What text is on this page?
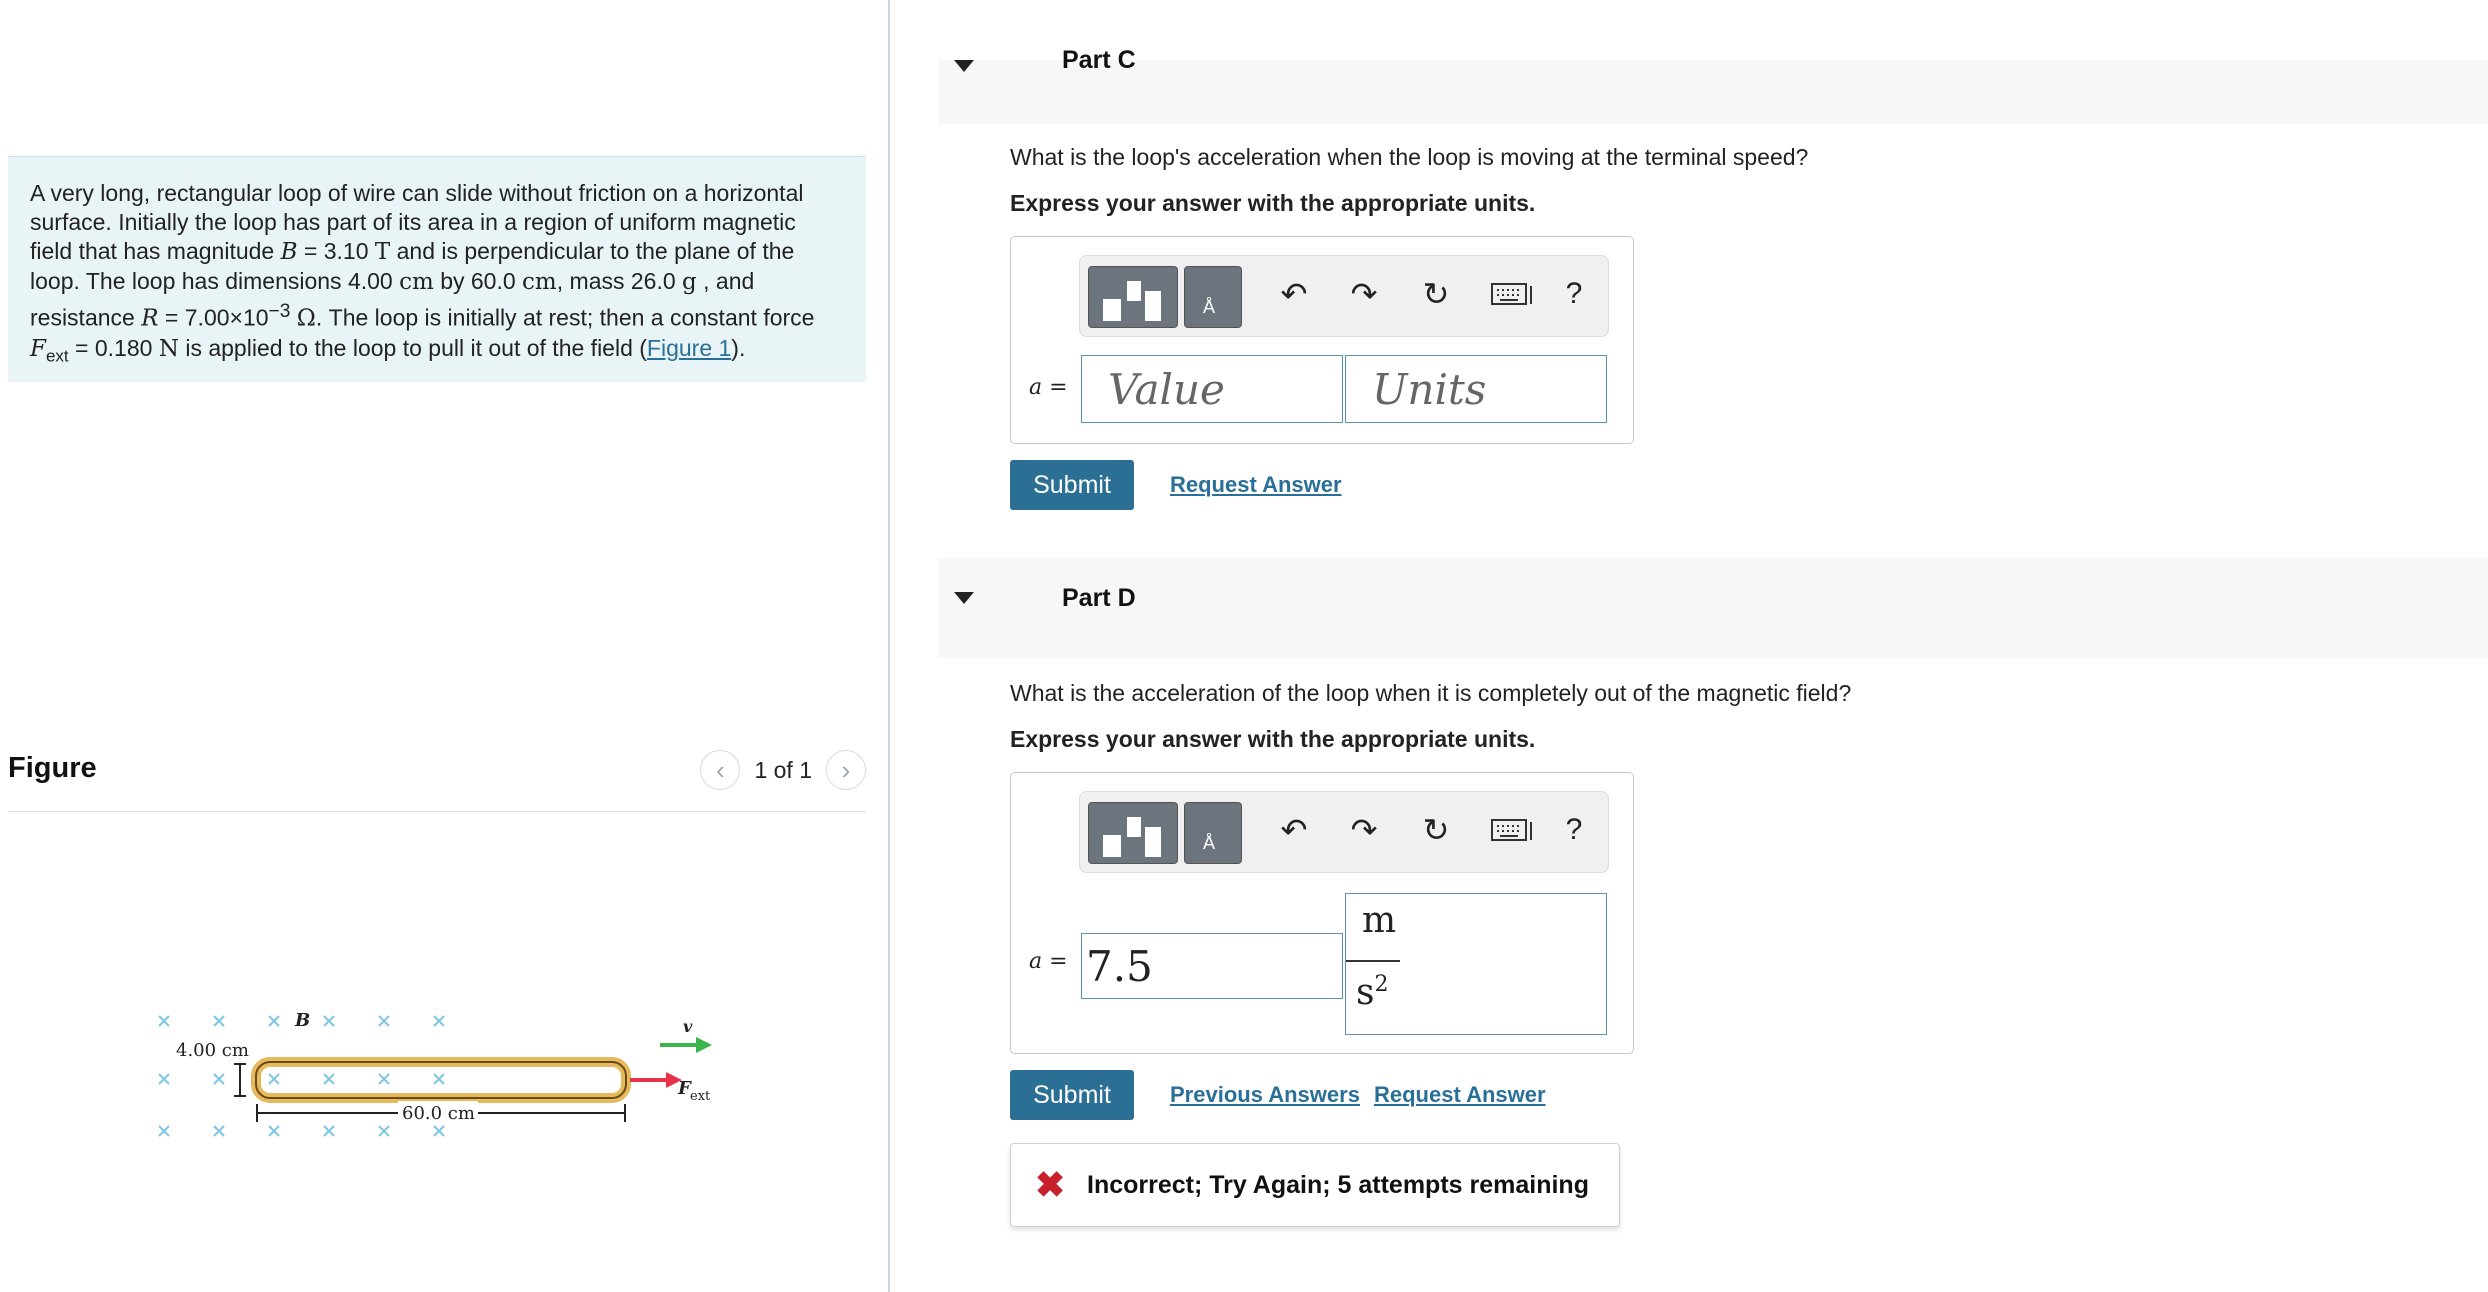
A very long, rectangular loop of wire can slide without friction on a horizontal surface. Initially the loop has part of its area in a region of uniform magnetic field that has magnitude B = 3.10 T and is perpendicular to the plane of the loop. The loop has dimensions 4.00 cm by 60.0 cm, mass 26.0 g , and resistance $R = 7.00\times 10^{-3}$ Ω. The loop is initially at rest; then a constant force $F_{ext} = 0.180$ N is applied to the loop to pull it out of the field (Figure 1).
Figure	‹	1 of 1	›
B
4.00 cm
60.0 cm
v
F ext
Part C
What is the loop's acceleration when the loop is moving at the terminal speed?
Express your answer with the appropriate units.
Å ↶ ↷ ↻	?
a = Value	Units
Submit	Request Answer
Part D
What is the acceleration of the loop when it is completely out of the magnetic field?
Express your answer with the appropriate units.
Å ↶ ↷ ↻	?
a = 7.5
m
$s^2$
Submit	Previous Answers Request Answer
✖ Incorrect; Try Again; 5 attempts remaining
